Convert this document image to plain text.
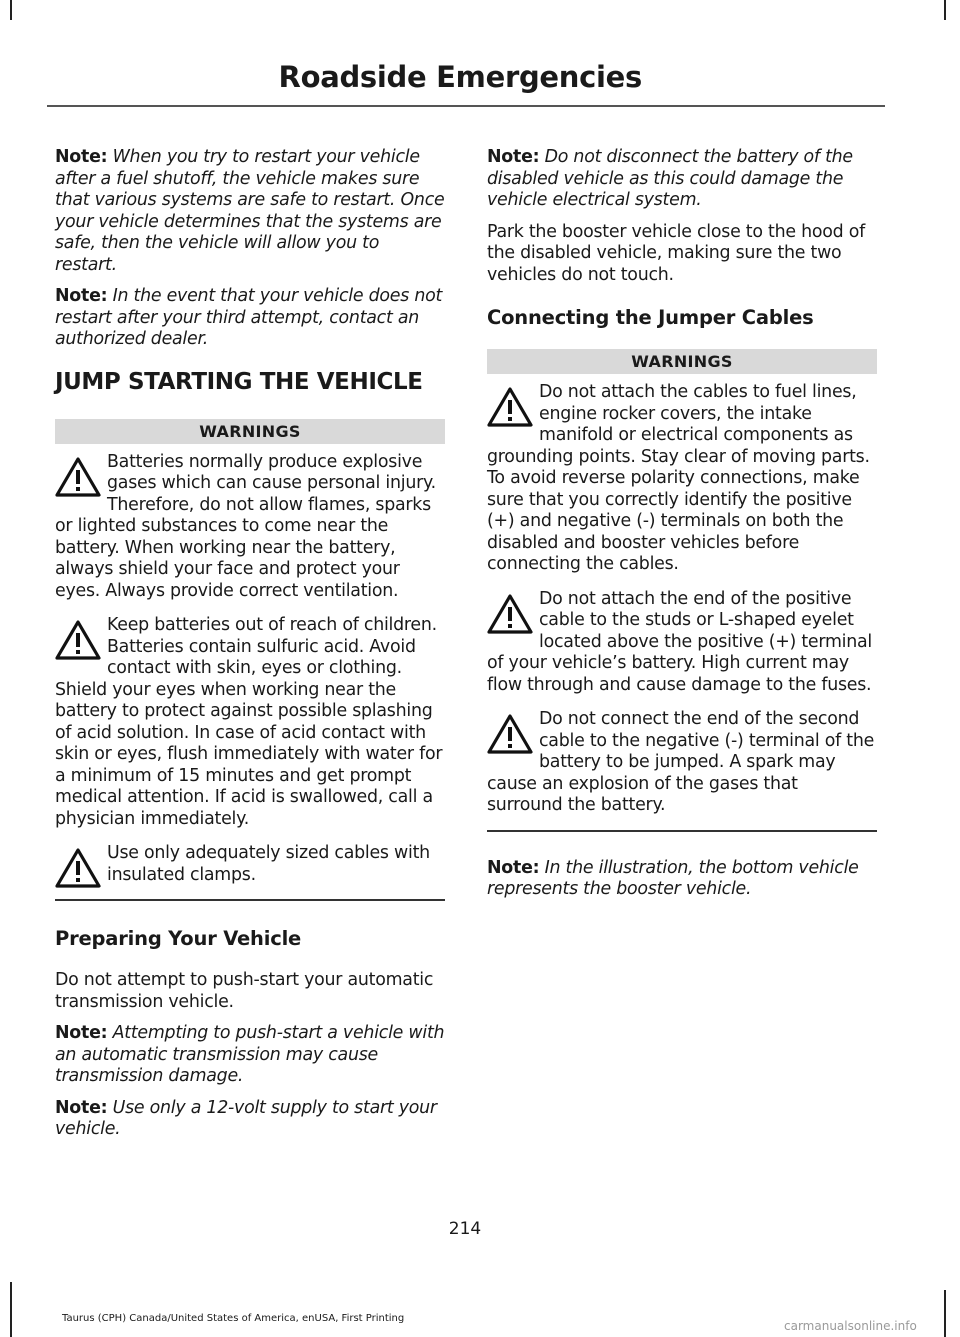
Roadside Emergencies

Note: When you try to restart your vehicle after a fuel shutoff, the vehicle makes sure that various systems are safe to restart. Once your vehicle determines that the systems are safe, then the vehicle will allow you to restart.

Note: In the event that your vehicle does not restart after your third attempt, contact an authorized dealer.

JUMP STARTING THE VEHICLE
WARNINGS
Batteries normally produce explosive gases which can cause personal injury. Therefore, do not allow flames, sparks or lighted substances to come near the battery. When working near the battery, always shield your face and protect your eyes. Always provide correct ventilation.
Keep batteries out of reach of children. Batteries contain sulfuric acid. Avoid contact with skin, eyes or clothing. Shield your eyes when working near the battery to protect against possible splashing of acid solution. In case of acid contact with skin or eyes, flush immediately with water for a minimum of 15 minutes and get prompt medical attention. If acid is swallowed, call a physician immediately.
Use only adequately sized cables with insulated clamps.
Preparing Your Vehicle

Do not attempt to push-start your automatic transmission vehicle.

Note: Attempting to push-start a vehicle with an automatic transmission may cause transmission damage.

Note: Use only a 12-volt supply to start your vehicle.

Note: Do not disconnect the battery of the disabled vehicle as this could damage the vehicle electrical system.

Park the booster vehicle close to the hood of the disabled vehicle, making sure the two vehicles do not touch.

Connecting the Jumper Cables
WARNINGS
Do not attach the cables to fuel lines, engine rocker covers, the intake manifold or electrical components as grounding points. Stay clear of moving parts. To avoid reverse polarity connections, make sure that you correctly identify the positive (+) and negative (-) terminals on both the disabled and booster vehicles before connecting the cables.
Do not attach the end of the positive cable to the studs or L-shaped eyelet located above the positive (+) terminal of your vehicle’s battery. High current may flow through and cause damage to the fuses.
Do not connect the end of the second cable to the negative (-) terminal of the battery to be jumped. A spark may cause an explosion of the gases that surround the battery.

Note: In the illustration, the bottom vehicle represents the booster vehicle.

214
Taurus (CPH) Canada/United States of America, enUSA, First Printing
carmanualsonline.info
